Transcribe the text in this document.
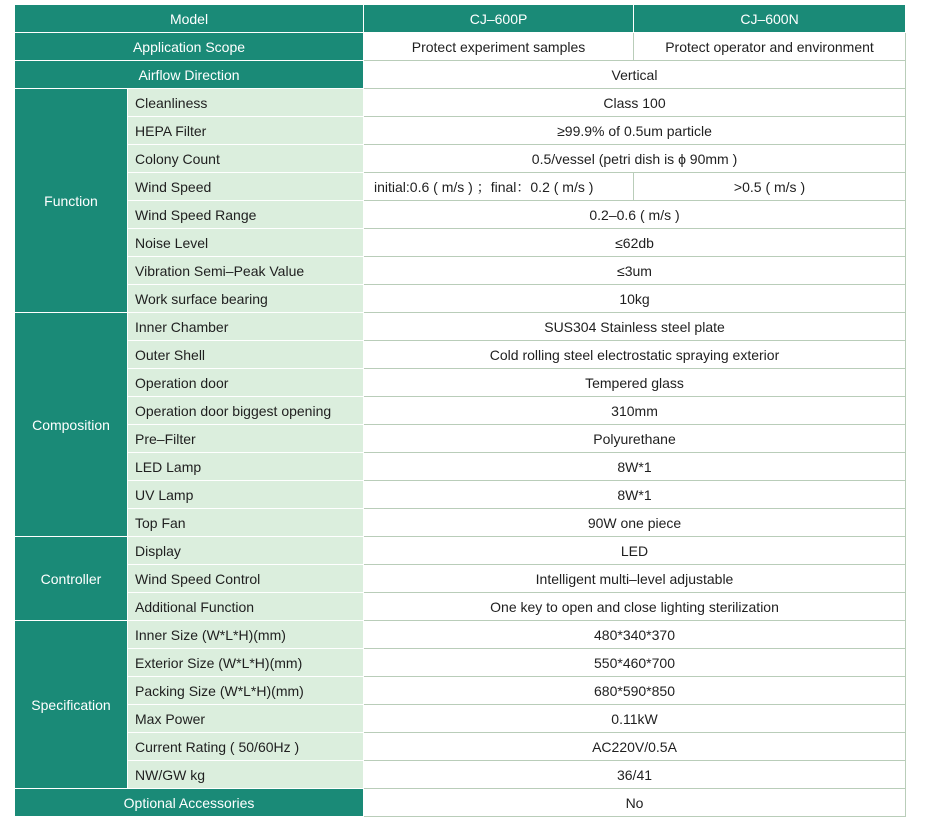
Model		CJ–600P	CJ–600N
Application Scope		Protect experiment samples	Protect operator and environment
Airflow Direction		Vertical	
Function	Cleanliness	Class 100	
	HEPA Filter	≥99.9% of 0.5um particle	
	Colony Count	0.5/vessel (petri dish is ϕ 90mm )	
	Wind Speed	initial:0.6 ( m/s ) ；final：0.2 ( m/s )	>0.5 ( m/s )
	Wind Speed Range	0.2–0.6 ( m/s )	
	Noise Level	≤62db	
	Vibration Semi–Peak Value	≤3um	
	Work surface bearing	10kg	
Composition	Inner Chamber	SUS304 Stainless steel plate	
	Outer Shell	Cold rolling steel electrostatic spraying exterior	
	Operation door	Tempered glass	
	Operation door biggest opening	310mm	
	Pre–Filter	Polyurethane	
	LED Lamp	8W*1	
	UV Lamp	8W*1	
	Top Fan	90W one piece	
Controller	Display	LED	
	Wind Speed Control	Intelligent multi–level adjustable	
	Additional Function	One key to open and close lighting sterilization	
Specification	Inner Size (W*L*H)(mm)	480*340*370	
	Exterior Size (W*L*H)(mm)	550*460*700	
	Packing Size (W*L*H)(mm)	680*590*850	
	Max Power	0.11kW	
	Current Rating ( 50/60Hz )	AC220V/0.5A	
	NW/GW kg	36/41	
Optional Accessories		No	
